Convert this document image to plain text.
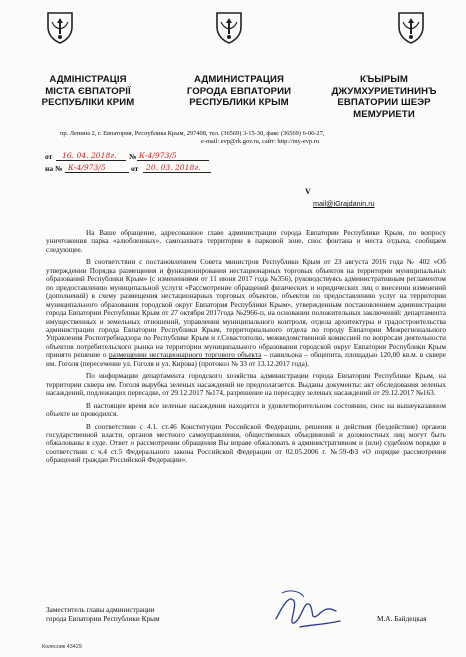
АДМІНІСТРАЦІЯ
МІСТА ЄВПАТОРІЇ
РЕСПУБЛІКИ КРИМ
АДМИНИСТРАЦИЯ
ГОРОДА ЕВПАТОРИИ
РЕСПУБЛИКИ КРЫМ
КЪЫРЫМ
ДЖУМХУРИЕТИНИНЪ
ЕВПАТОРИИ ШЕЭР
МЕМУРИЕТИ
пр. Ленина 2, г. Евпатория, Республика Крым, 297408, тел. (36569) 3-15-30, факс (36569) 6-06-27,
e-mail: evp@rk.gov.ru, сайт: http://my-evp.ru
от 16. 04. 2018г. № К-4/973/5
на № К-4/973/5	от 20. 03. 2018г.
V
mail@iGrajdanin.ru

На Ваше обращение, адресованное главе администрации города Евпатории Республики Крым, по вопросу уничтожения парка «алюбленных», самозахвата территории в парковой зоне, снос фонтана и места отдыха, сообщаем следующее.

В соответствии с постановлением Совета министров Республики Крым от 23 августа 2016 года № 402 «Об утверждении Порядка размещения и функционирования нестационарных торговых объектов на территории муниципальных образований Республики Крым» (с изменениями от 11 июня 2017 года №356), руководствуясь административным регламентом по предоставлению муниципальной услуги «Рассмотрение обращений физических и юридических лиц о внесении изменений (дополнений) в схему размещения нестационарных торговых объектов, объектов по предоставлению услуг на территории муниципального образования городской округ Евпатория Республики Крым», утвержденным постановлением администрации города Евпатории Республики Крым от 27 октября 2017года №2966-п, на основании положительных заключений: департамента имущественных и земельных отношений, управления муниципального контроля, отдела архитектуры и градостроительства администрации города Евпатории Республики Крым, территориального отдела по городу Евпатории Межрегионального Управления Роспотребнадзора по Республике Крым и г.Севастополю, межведомственной комиссией по вопросам деятельности объектов потребительского рынка на территории муниципального образования городской округ Евпатория Республики Крым принято решение о размещении нестационарного торгового объекта – павильона – общепита, площадью 120,00 кв.м. в сквере им. Гоголя (пересечение ул. Гоголя и ул. Кирова) (протокол № 33 от 13.12.2017 года).

По информации департамента городского хозяйства администрации города Евпатории Республики Крым, на территории сквера им. Гоголя вырубка зеленых насаждений не предполагается. Выданы документы: акт обследования зеленых насаждений, подлежащих пересадке, от 29.12.2017 №174, разрешение на пересадку зеленых насаждений от 29.12.2017 №163.

В настоящее время все зеленые насаждения находятся в удовлетворительном состоянии, снос на вышеуказанном объекте не проводился.

В соответствии с 4.1. ст.46 Конституции Российской Федерации, решения и действия (бездействие) органов государственной власти, органов местного самоуправления, общественных объединений и должностных лиц могут быть обжалованы в суде. Ответ о рассмотрении обращения Вы вправе обжаловать в административном и (или) судебном порядке в соответствии с ч.4 ст.5 Федерального закона Российской Федерации от 02.05.2006 г. №59-ФЗ «О порядке рассмотрения обращений граждан Российской Федерации».

Заместитель главы администрации
города Евпатории Республики Крым	М.А. Байдецкая
Колесник 43429
